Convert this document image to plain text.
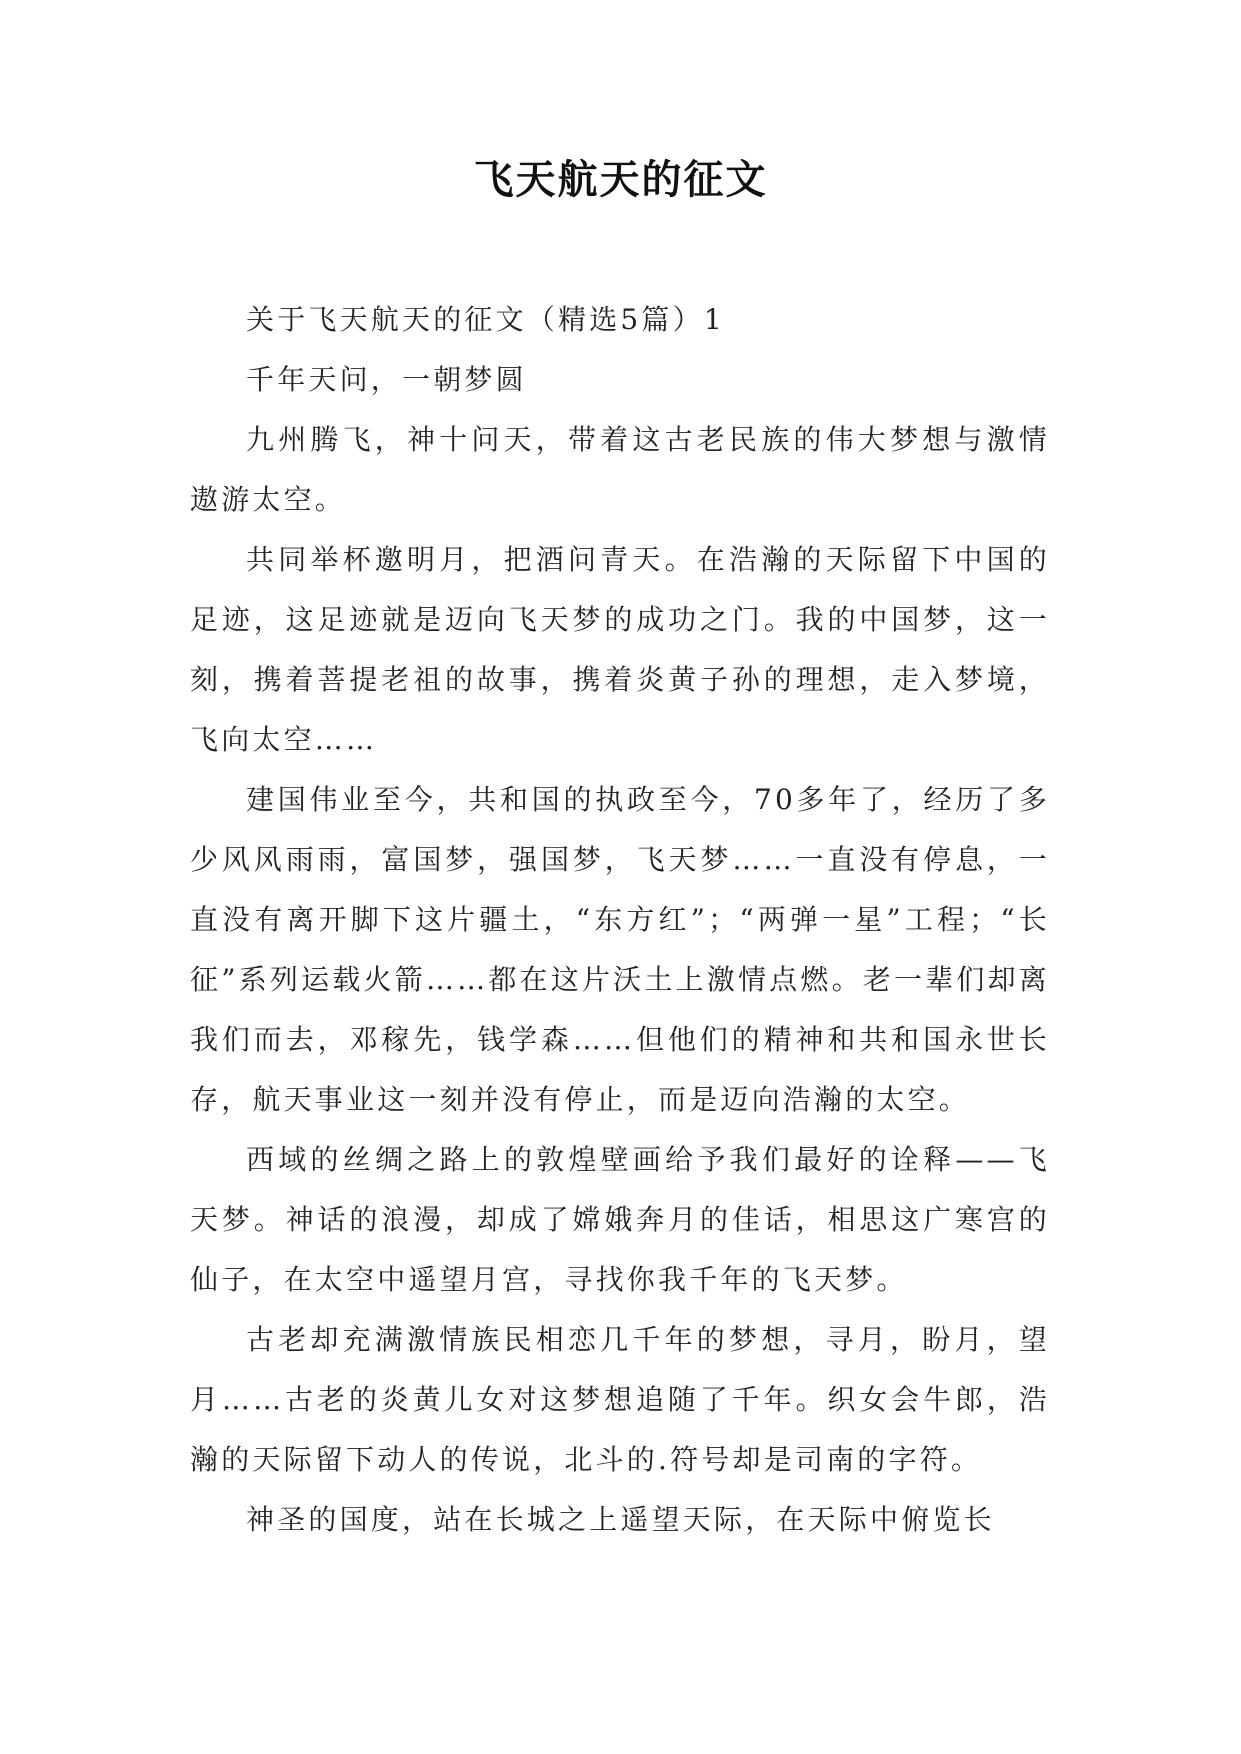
飞天航天的征文

关于飞天航天的征文（精选5篇）1

千年天问，一朝梦圆

九州腾飞，神十问天，带着这古老民族的伟大梦想与激情遨游太空。

共同举杯邀明月，把酒问青天。在浩瀚的天际留下中国的足迹，这足迹就是迈向飞天梦的成功之门。我的中国梦，这一刻，携着菩提老祖的故事，携着炎黄子孙的理想，走入梦境，飞向太空……

建国伟业至今，共和国的执政至今，70多年了，经历了多少风风雨雨，富国梦，强国梦，飞天梦……一直没有停息，一直没有离开脚下这片疆土，“东方红”；“两弹一星”工程；“长征”系列运载火箭……都在这片沃土上激情点燃。老一辈们却离我们而去，邓稼先，钱学森……但他们的精神和共和国永世长存，航天事业这一刻并没有停止，而是迈向浩瀚的太空。

西域的丝绸之路上的敦煌壁画给予我们最好的诠释——飞天梦。神话的浪漫，却成了嫦娥奔月的佳话，相思这广寒宫的仙子，在太空中遥望月宫，寻找你我千年的飞天梦。

古老却充满激情族民相恋几千年的梦想，寻月，盼月，望月……古老的炎黄儿女对这梦想追随了千年。织女会牛郎，浩瀚的天际留下动人的传说，北斗的.符号却是司南的字符。

神圣的国度，站在长城之上遥望天际，在天际中俯览长
